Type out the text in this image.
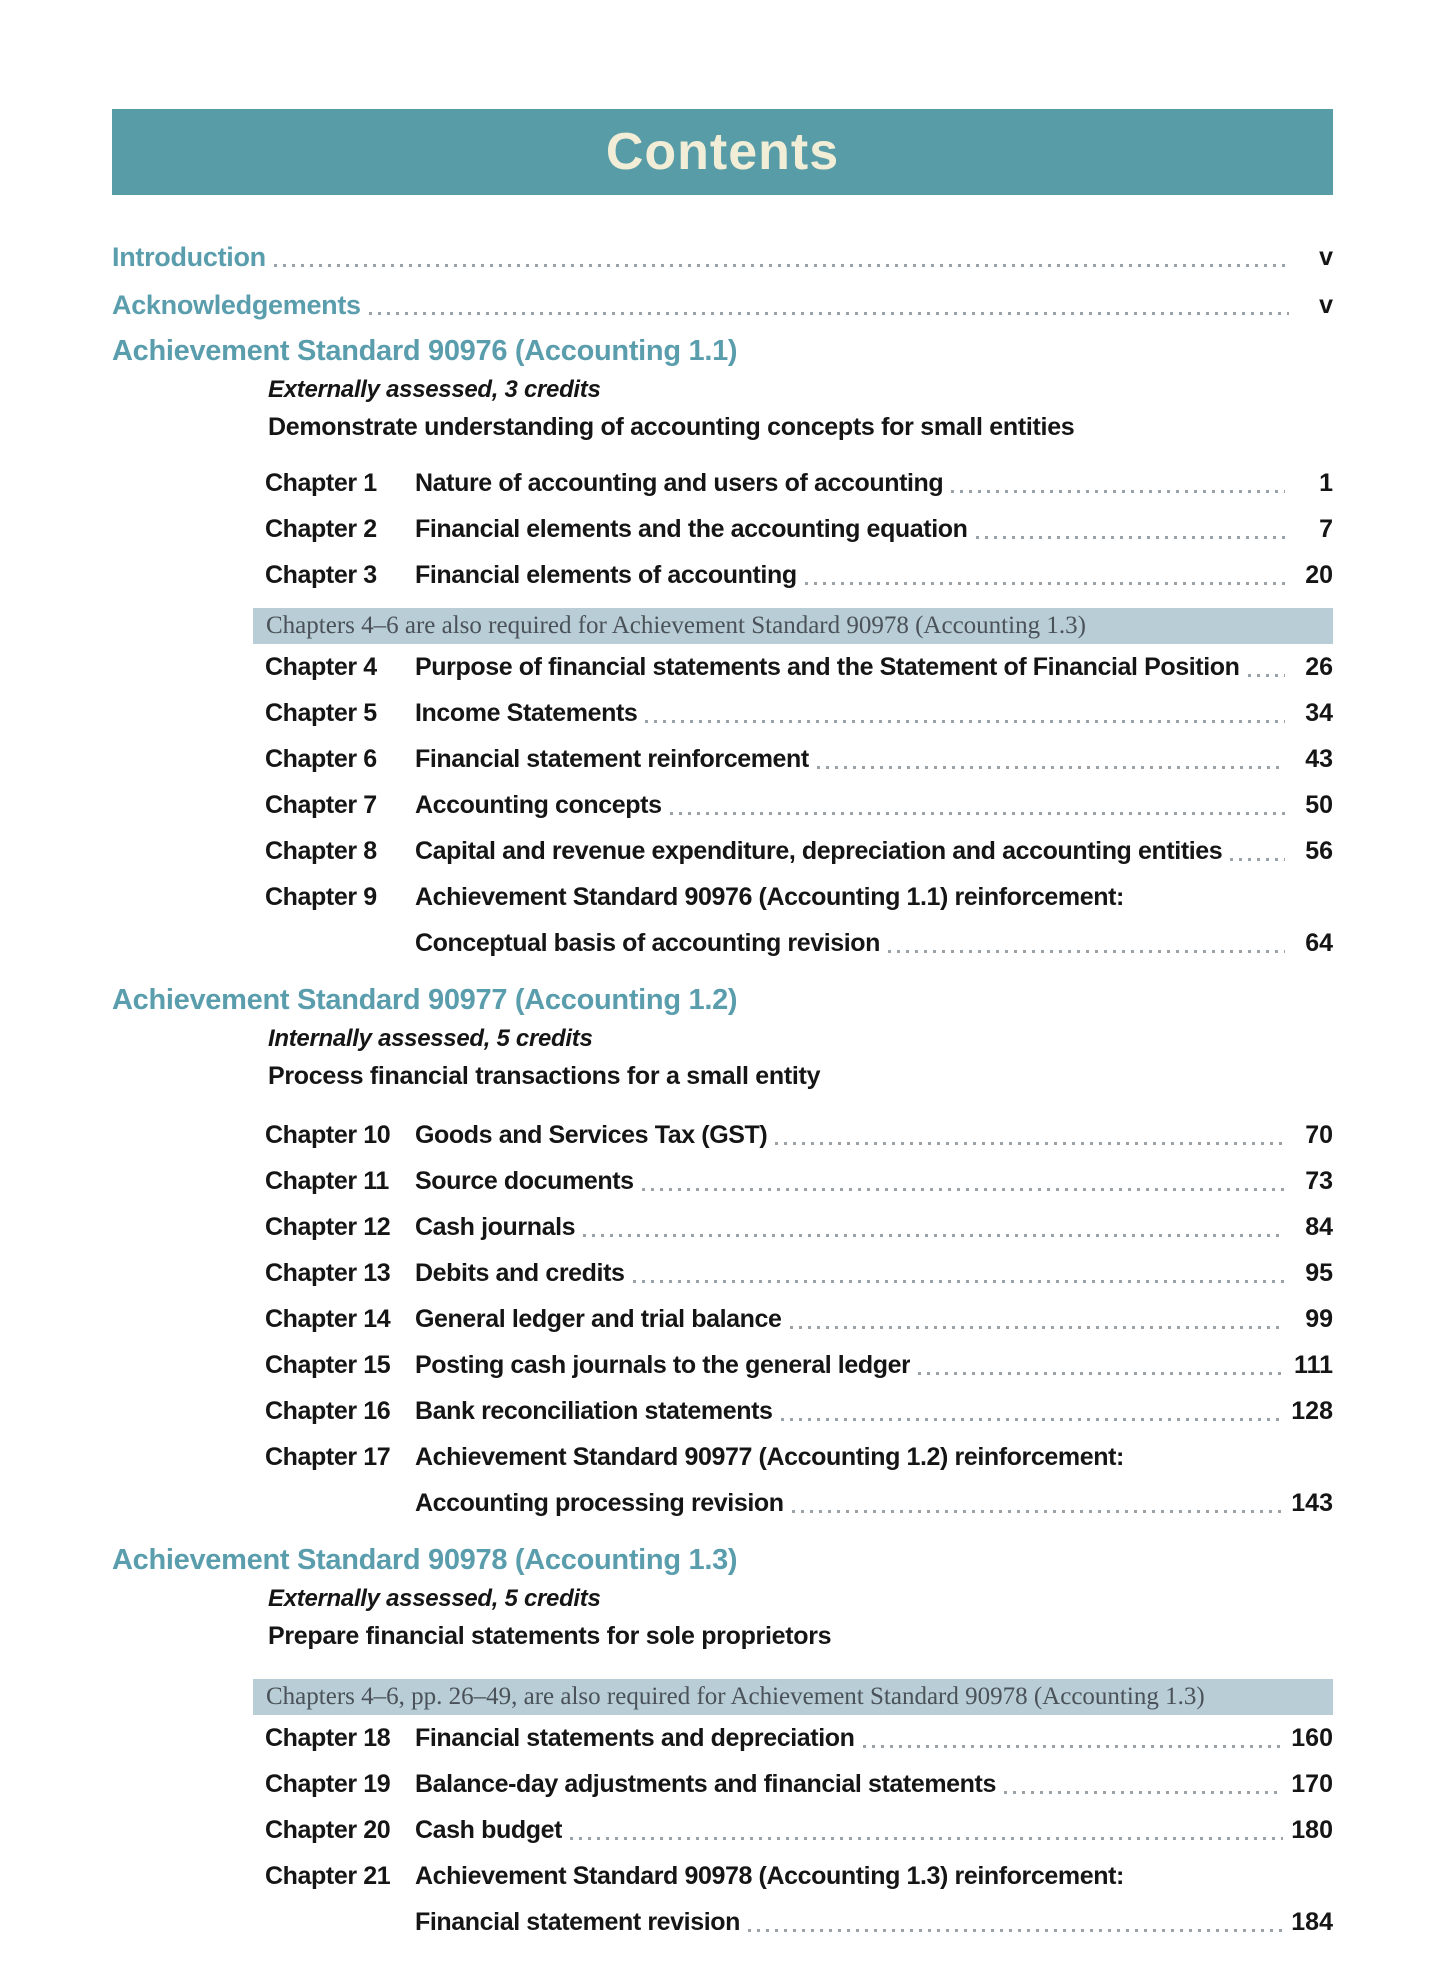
Contents
Introduction	v
Acknowledgements	v
Achievement Standard 90976 (Accounting 1.1)
Externally assessed, 3 credits
Demonstrate understanding of accounting concepts for small entities
Chapter 1	Nature of accounting and users of accounting	1
Chapter 2	Financial elements and the accounting equation	7
Chapter 3	Financial elements of accounting	20
Chapters 4–6 are also required for Achievement Standard 90978 (Accounting 1.3)
Chapter 4	Purpose of financial statements and the Statement of Financial Position	26
Chapter 5	Income Statements	34
Chapter 6	Financial statement reinforcement	43
Chapter 7	Accounting concepts	50
Chapter 8	Capital and revenue expenditure, depreciation and accounting entities	56
Chapter 9	Achievement Standard 90976 (Accounting 1.1) reinforcement:
Conceptual basis of accounting revision	64
Achievement Standard 90977 (Accounting 1.2)
Internally assessed, 5 credits
Process financial transactions for a small entity
Chapter 10 Goods and Services Tax (GST)	70
Chapter 11	Source documents	73
Chapter 12 Cash journals	84
Chapter 13 Debits and credits	95
Chapter 14 General ledger and trial balance	99
Chapter 15 Posting cash journals to the general ledger	111
Chapter 16 Bank reconciliation statements	128
Chapter 17 Achievement Standard 90977 (Accounting 1.2) reinforcement:
Accounting processing revision	143
Achievement Standard 90978 (Accounting 1.3)
Externally assessed, 5 credits
Prepare financial statements for sole proprietors
Chapters 4–6, pp. 26–49, are also required for Achievement Standard 90978 (Accounting 1.3)
Chapter 18 Financial statements and depreciation	160
Chapter 19 Balance-day adjustments and financial statements	170
Chapter 20 Cash budget	180
Chapter 21 Achievement Standard 90978 (Accounting 1.3) reinforcement:
Financial statement revision	184
